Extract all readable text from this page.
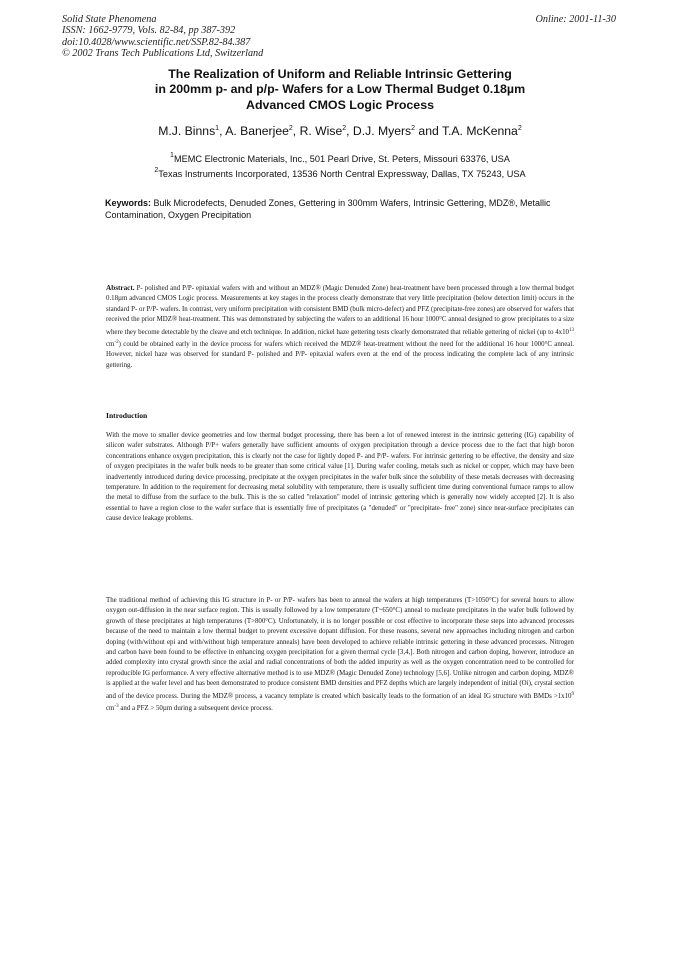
Solid State Phenomena
ISSN: 1662-9779, Vols. 82-84, pp 387-392
doi:10.4028/www.scientific.net/SSP.82-84.387
© 2002 Trans Tech Publications Ltd, Switzerland
Online: 2001-11-30
The Realization of Uniform and Reliable Intrinsic Gettering
in 200mm p- and p/p- Wafers for a Low Thermal Budget 0.18µm
Advanced CMOS Logic Process
M.J. Binns$^1$, A. Banerjee$^2$, R. Wise$^2$, D.J. Myers$^2$ and T.A. McKenna$^2$
$^1$MEMC Electronic Materials, Inc., 501 Pearl Drive, St. Peters, Missouri 63376, USA
$^2$Texas Instruments Incorporated, 13536 North Central Expressway, Dallas, TX 75243, USA
Keywords: Bulk Microdefects, Denuded Zones, Gettering in 300mm Wafers, Intrinsic Gettering, MDZ®, Metallic Contamination, Oxygen Precipitation
Abstract. P- polished and P/P- epitaxial wafers with and without an MDZ® (Magic Denuded Zone) heat-treatment have been processed through a low thermal budget 0.18µm advanced CMOS Logic process. Measurements at key stages in the process clearly demonstrate that very little precipitation (below detection limit) occurs in the standard P- or P/P- wafers. In contrast, very uniform precipitation with consistent BMD (bulk micro-defect) and PFZ (precipitate-free zones) are observed for wafers that received the prior MDZ® heat-treatment. This was demonstrated by subjecting the wafers to an additional 16 hour 1000°C anneal designed to grow precipitates to a size where they become detectable by the cleave and etch technique. In addition, nickel haze gettering tests clearly demonstrated that reliable gettering of nickel (up to $4x10^{13}$ $cm^{-2}$) could be obtained early in the device process for wafers which received the MDZ® heat-treatment without the need for the additional 16 hour 1000°C anneal. However, nickel haze was observed for standard P- polished and P/P- epitaxial wafers even at the end of the process indicating the complete lack of any intrinsic gettering.
Introduction
With the move to smaller device geometries and low thermal budget processing, there has been a lot of renewed interest in the intrinsic gettering (IG) capability of silicon wafer substrates. Although P/P+ wafers generally have sufficient amounts of oxygen precipitation through a device process due to the fact that high boron concentrations enhance oxygen precipitation, this is clearly not the case for lightly doped P- and P/P- wafers. For intrinsic gettering to be effective, the density and size of oxygen precipitates in the wafer bulk needs to be greater than some critical value [1]. During wafer cooling, metals such as nickel or copper, which may have been inadvertently introduced during device processing, precipitate at the oxygen precipitates in the wafer bulk since the solubility of these metals decreases with decreasing temperature. In addition to the requirement for decreasing metal solubility with temperature, there is usually sufficient time during conventional furnace ramps to allow the metal to diffuse from the surface to the bulk. This is the so called "relaxation" model of intrinsic gettering which is generally now widely accepted [2]. It is also essential to have a region close to the wafer surface that is essentially free of precipitates (a "denuded" or "precipitate- free" zone) since near-surface precipitates can cause device leakage problems.
The traditional method of achieving this IG structure in P- or P/P- wafers has been to anneal the wafers at high temperatures (T>1050°C) for several hours to allow oxygen out-diffusion in the near surface region. This is usually followed by a low temperature (T~650°C) anneal to nucleate precipitates in the wafer bulk followed by growth of these precipitates at high temperatures (T>800°C). Unfortunately, it is no longer possible or cost effective to incorporate these steps into advanced processes because of the need to maintain a low thermal budget to prevent excessive dopant diffusion. For these reasons, several new approaches including nitrogen and carbon doping (with/without epi and with/without high temperature anneals) have been developed to achieve reliable intrinsic gettering in these advanced processes. Nitrogen and carbon have been found to be effective in enhancing oxygen precipitation for a given thermal cycle [3,4,]. Both nitrogen and carbon doping, however, introduce an added complexity into crystal growth since the axial and radial concentrations of both the added impurity as well as the oxygen concentration need to be controlled for reproducible IG performance. A very effective alternative method is to use MDZ® (Magic Denuded Zone) technology [5,6]. Unlike nitrogen and carbon doping, MDZ® is applied at the wafer level and has been demonstrated to produce consistent BMD densities and PFZ depths which are largely independent of initial (Oi), crystal section and of the device process. During the MDZ® process, a vacancy template is created which basically leads to the formation of an ideal IG structure with BMDs $>1x10^9$ $cm^{-3}$ and a PFZ > 50µm during a subsequent device process.
